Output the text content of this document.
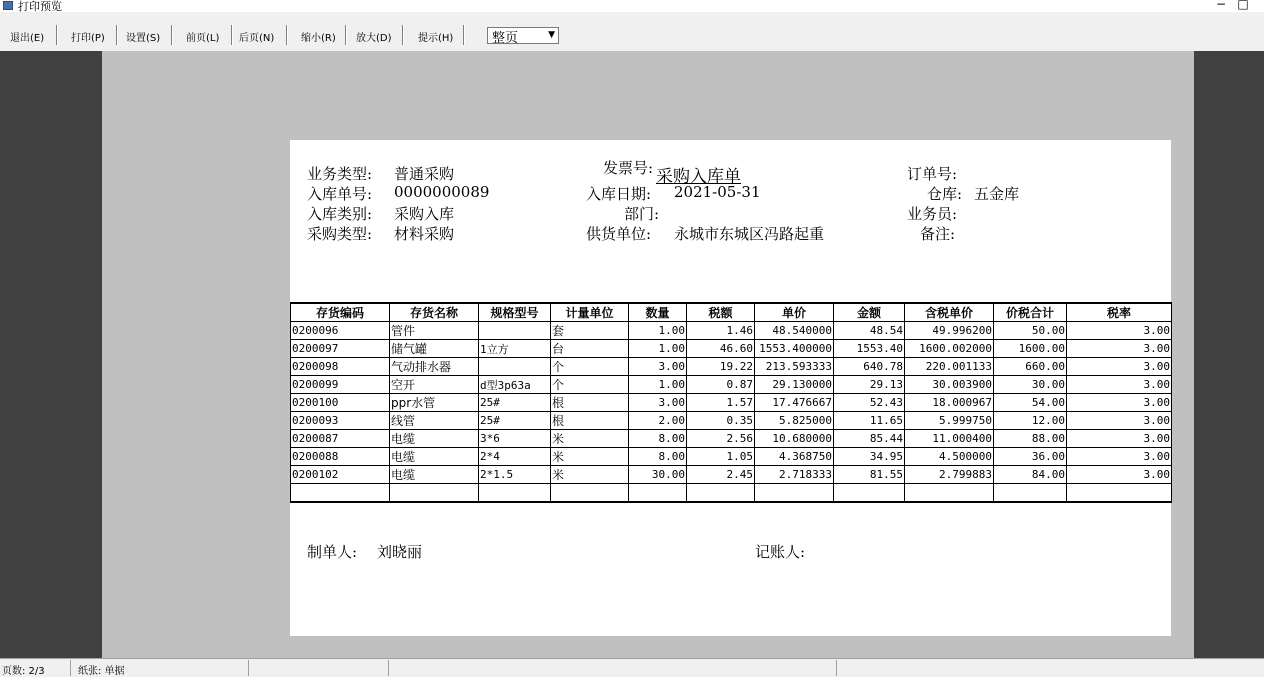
打印预览	− □
退出(E)	打印(P) 设置(S)	前页(L) 后页(N)	缩小(R) 放大(D)	提示(H)	整页	▼
采购入库单
业务类型: 普通采购	发票号:	订单号:
入库单号: 0000000089	入库日期: 2021-05-31	仓库: 五金库
入库类别: 采购入库	部门:	业务员:
采购类型: 材料采购	供货单位: 永城市东城区冯路起重	备注:
存货编码	存货名称	规格型号	计量单位	数量	税额	单价	金额	含税单价	价税合计	税率
0200096	管件		套	1.00	1.46	48.540000	48.54	49.996200	50.00	3.00
0200097	储气罐	1立方	台	1.00	46.60	1553.400000	1553.40	1600.002000	1600.00	3.00
0200098	气动排水器		个	3.00	19.22	213.593333	640.78	220.001133	660.00	3.00
0200099	空开	d型3p63a	个	1.00	0.87	29.130000	29.13	30.003900	30.00	3.00
0200100	ppr水管	25#	根	3.00	1.57	17.476667	52.43	18.000967	54.00	3.00
0200093	线管	25#	根	2.00	0.35	5.825000	11.65	5.999750	12.00	3.00
0200087	电缆	3*6	米	8.00	2.56	10.680000	85.44	11.000400	88.00	3.00
0200088	电缆	2*4	米	8.00	1.05	4.368750	34.95	4.500000	36.00	3.00
0200102	电缆	2*1.5	米	30.00	2.45	2.718333	81.55	2.799883	84.00	3.00

制单人: 刘晓丽	记账人:
页数: 2/3	纸张: 单据
